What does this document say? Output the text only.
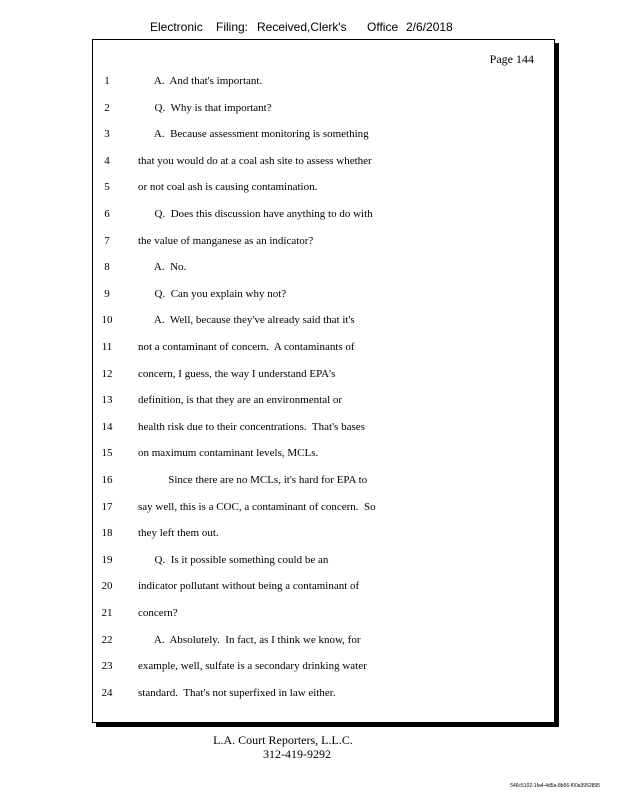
Electronic Filing: Received,Clerk's Office 2/6/2018
Page 144
1	A.  And that's important.
2	Q.  Why is that important?
3	A.  Because assessment monitoring is something
4	that you would do at a coal ash site to assess whether
5	or not coal ash is causing contamination.
6	Q.  Does this discussion have anything to do with
7	the value of manganese as an indicator?
8	A.  No.
9	Q.  Can you explain why not?
10	A.  Well, because they've already said that it's
11	not a contaminant of concern.  A contaminants of
12	concern, I guess, the way I understand EPA's
13	definition, is that they are an environmental or
14	health risk due to their concentrations.  That's bases
15	on maximum contaminant levels, MCLs.
16	Since there are no MCLs, it's hard for EPA to
17	say well, this is a COC, a contaminant of concern.  So
18	they left them out.
19	Q.  Is it possible something could be an
20	indicator pollutant without being a contaminant of
21	concern?
22	A.  Absolutely.  In fact, as I think we know, for
23	example, well, sulfate is a secondary drinking water
24	standard.  That's not superfixed in law either.
L.A. Court Reporters, L.L.C.
312-419-9292
546c5102-1fa4-4d5a-8b56-f00a3952895
